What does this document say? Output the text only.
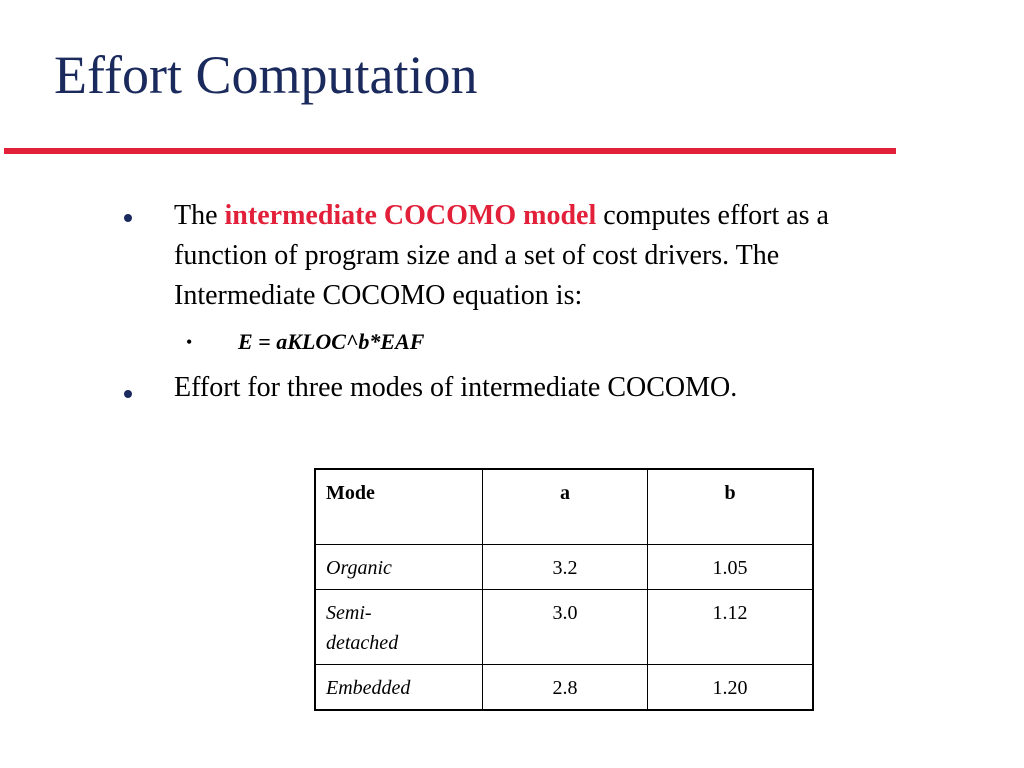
Effort Computation
The intermediate COCOMO model computes effort as a
function of program size and a set of cost drivers. The
Intermediate COCOMO equation is:
• E = aKLOC^b*EAF
Effort for three modes of intermediate COCOMO.
Mode	a	b
Organic	3.2	1.05

Semi-
detached	3.0	1.12
Embedded	2.8	1.20
